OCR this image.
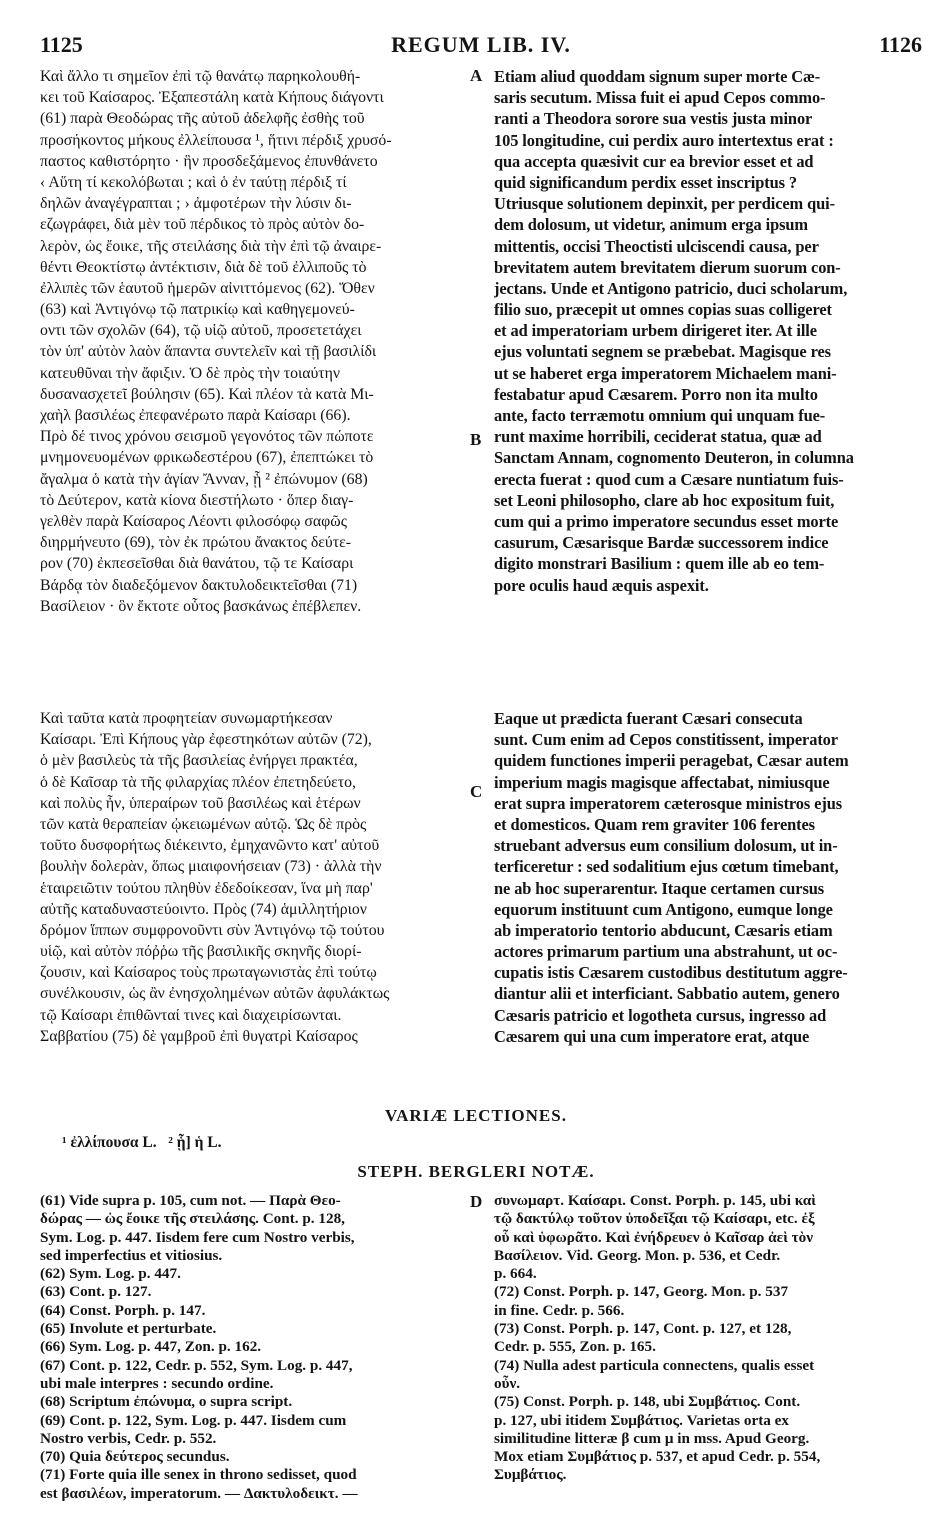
1125	REGUM LIB. IV.	1126
Καὶ ἄλλο τι σημεῖον ἐπὶ τῷ θανάτῳ παρηκολουθή-
κει τοῦ Καίσαρος. Ἐξαπεστάλη κατὰ Κήπους διάγοντι
(61) παρὰ Θεοδώρας τῆς αὐτοῦ ἀδελφῆς ἐσθὴς τοῦ
προσήκοντος μήκους ἐλλείπουσα ¹, ἥτινι πέρδιξ χρυσό-
παστος καθιστόρητο · ἣν προσδεξάμενος ἐπυνθάνετο
‹ Αὕτη τί κεκολόβωται ; καὶ ὁ ἐν ταύτῃ πέρδιξ τί
δηλῶν ἀναγέγραπται ; › ἀμφοτέρων τὴν λύσιν δι-
εζωγράφει, διὰ μὲν τοῦ πέρδικος τὸ πρὸς αὐτὸν δο-
λερὸν, ὡς ἔοικε, τῆς στειλάσης διὰ τὴν ἐπὶ τῷ ἀναιρε-
θέντι Θεοκτίστῳ ἀντέκτισιν, διὰ δὲ τοῦ ἐλλιποῦς τὸ
ἐλλιπὲς τῶν ἑαυτοῦ ἡμερῶν αἰνιττόμενος (62). Ὅθεν
(63) καὶ Ἀντιγόνῳ τῷ πατρικίῳ καὶ καθηγεμονεύ-
οντι τῶν σχολῶν (64), τῷ υἱῷ αὐτοῦ, προσετετάχει
τὸν ὑπ' αὐτὸν λαὸν ἅπαντα συντελεῖν καὶ τῇ βασιλίδι
κατευθῦναι τὴν ἄφιξιν. Ὁ δὲ πρὸς τὴν τοιαύτην
δυσανασχετεῖ βούλησιν (65). Καὶ πλέον τὰ κατὰ Μι-
χαὴλ βασιλέως ἐπεφανέρωτο παρὰ Καίσαρι (66).
Πρὸ δέ τινος χρόνου σεισμοῦ γεγονότος τῶν πώποτε
μνημονευομένων φρικωδεστέρου (67), ἐπεπτώκει τὸ
ἄγαλμα ὁ κατὰ τὴν ἁγίαν Ἄνναν, ᾗ ² ἐπώνυμον (68)
τὸ Δεύτερον, κατὰ κίονα διεστήλωτο · ὅπερ διαγ-
γελθὲν παρὰ Καίσαρος Λέοντι φιλοσόφῳ σαφῶς
διηρμήνευτο (69), τὸν ἐκ πρώτου ἄνακτος δεύτε-
ρον (70) ἐκπεσεῖσθαι διὰ θανάτου, τῷ τε Καίσαρι
Βάρδᾳ τὸν διαδεξόμενον δακτυλοδεικτεῖσθαι (71)
Βασίλειον · ὃν ἔκτοτε οὗτος βασκάνως ἐπέβλεπεν.
Etiam aliud quoddam signum super morte Cæ-
saris secutum. Missa fuit ei apud Cepos commo-
ranti a Theodora sorore sua vestis justa minor
105 longitudine, cui perdix auro intertextus erat :
qua accepta quæsivit cur ea brevior esset et ad
quid significandum perdix esset inscriptus ?
Utriusque solutionem depinxit, per perdicem qui-
dem dolosum, ut videtur, animum erga ipsum
mittentis, occisi Theoctisti ulciscendi causa, per
brevitatem autem brevitatem dierum suorum con-
jectans. Unde et Antigono patricio, duci scholarum,
filio suo, præcepit ut omnes copias suas colligeret
et ad imperatoriam urbem dirigeret iter. At ille
ejus voluntati segnem se præbebat. Magisque res
ut se haberet erga imperatorem Michaelem mani-
festabatur apud Cæsarem. Porro non ita multo
ante, facto terræmotu omnium qui unquam fue-
runt maxime horribili, ceciderat statua, quæ ad
Sanctam Annam, cognomento Deuteron, in columna
erecta fuerat : quod cum a Cæsare nuntiatum fuis-
set Leoni philosopho, clare ab hoc expositum fuit,
cum qui a primo imperatore secundus esset morte
casurum, Cæsarisque Bardæ successorem indice
digito monstrari Basilium : quem ille ab eo tem-
pore oculis haud æquis aspexit.
A
B
C
D
Καὶ ταῦτα κατὰ προφητείαν συνωμαρτήκεσαν
Καίσαρι. Ἐπὶ Κήπους γὰρ ἐφεστηκότων αὐτῶν (72),
ὁ μὲν βασιλεὺς τὰ τῆς βασιλείας ἐνήργει πρακτέα,
ὁ δὲ Καῖσαρ τὰ τῆς φιλαρχίας πλέον ἐπετηδεύετο,
καὶ πολὺς ἦν, ὑπεραίρων τοῦ βασιλέως καὶ ἑτέρων
τῶν κατὰ θεραπείαν ᾠκειωμένων αὐτῷ. Ὡς δὲ πρὸς
τοῦτο δυσφορήτως διέκειντο, ἐμηχανῶντο κατ' αὐτοῦ
βουλὴν δολερὰν, ὅπως μιαιφονήσειαν (73) · ἀλλὰ τὴν
ἑταιρειῶτιν τούτου πληθὺν ἐδεδοίκεσαν, ἵνα μὴ παρ'
αὐτῆς καταδυναστεύοιντο. Πρὸς (74) ἁμιλλητήριον
δρόμον ἵππων συμφρονοῦντι σὺν Ἀντιγόνῳ τῷ τούτου
υἱῷ, καὶ αὐτὸν πόῤῥω τῆς βασιλικῆς σκηνῆς διορί-
ζουσιν, καὶ Καίσαρος τοὺς πρωταγωνιστὰς ἐπὶ τούτῳ
συνέλκουσιν, ὡς ἂν ἐνησχολημένων αὐτῶν ἀφυλάκτως
τῷ Καίσαρι ἐπιθῶνταί τινες καὶ διαχειρίσωνται.
Σαββατίου (75) δὲ γαμβροῦ ἐπὶ θυγατρὶ Καίσαρος
Eaque ut prædicta fuerant Cæsari consecuta
sunt. Cum enim ad Cepos constitissent, imperator
quidem functiones imperii peragebat, Cæsar autem
imperium magis magisque affectabat, nimiusque
erat supra imperatorem cæterosque ministros ejus
et domesticos. Quam rem graviter 106 ferentes
struebant adversus eum consilium dolosum, ut in-
terficeretur : sed sodalitium ejus cœtum timebant,
ne ab hoc superarentur. Itaque certamen cursus
equorum instituunt cum Antigono, eumque longe
ab imperatorio tentorio abducunt, Cæsaris etiam
actores primarum partium una abstrahunt, ut oc-
cupatis istis Cæsarem custodibus destitutum aggre-
diantur alii et interficiant. Sabbatio autem, genero
Cæsaris patricio et logotheta cursus, ingresso ad
Cæsarem qui una cum imperatore erat, atque
VARIÆ LECTIONES.
¹ ἐλλίπουσα L.   ² ᾗ] ἡ L.
STEPH. BERGLERI NOTÆ.
(61) Vide supra p. 105, cum not. — Παρὰ Θεο-
δώρας — ὡς ἔοικε τῆς στειλάσης. Cont. p. 128,
Sym. Log. p. 447. Iisdem fere cum Nostro verbis,
sed imperfectius et vitiosius.
(62) Sym. Log. p. 447.
(63) Cont. p. 127.
(64) Const. Porph. p. 147.
(65) Involute et perturbate.
(66) Sym. Log. p. 447, Zon. p. 162.
(67) Cont. p. 122, Cedr. p. 552, Sym. Log. p. 447,
ubi male interpres : secundo ordine.
(68) Scriptum ἐπώνυμα, o supra script.
(69) Cont. p. 122, Sym. Log. p. 447. Iisdem cum
Nostro verbis, Cedr. p. 552.
(70) Quia δεύτερος secundus.
(71) Forte quia ille senex in throno sedisset, quod
est βασιλέων, imperatorum. — Δακτυλοδεικτ. —
συνωμαρτ. Καίσαρι. Const. Porph. p. 145, ubi καὶ
τῷ δακτύλῳ τοῦτον ὑποδεῖξαι τῷ Καίσαρι, etc. ἐξ
οὗ καὶ ὑφωρᾶτο. Καὶ ἐνήδρευεν ὁ Καῖσαρ ἀεὶ τὸν
Βασίλειον. Vid. Georg. Mon. p. 536, et Cedr.
p. 664.
(72) Const. Porph. p. 147, Georg. Mon. p. 537
in fine. Cedr. p. 566.
(73) Const. Porph. p. 147, Cont. p. 127, et 128,
Cedr. p. 555, Zon. p. 165.
(74) Nulla adest particula connectens, qualis esset
οὖν.
(75) Const. Porph. p. 148, ubi Συμβάτιος. Cont.
p. 127, ubi itidem Συμβάτιος. Varietas orta ex
similitudine litteræ β cum μ in mss. Apud Georg.
Mox etiam Συμβάτιος p. 537, et apud Cedr. p. 554,
Συμβάτιος.
